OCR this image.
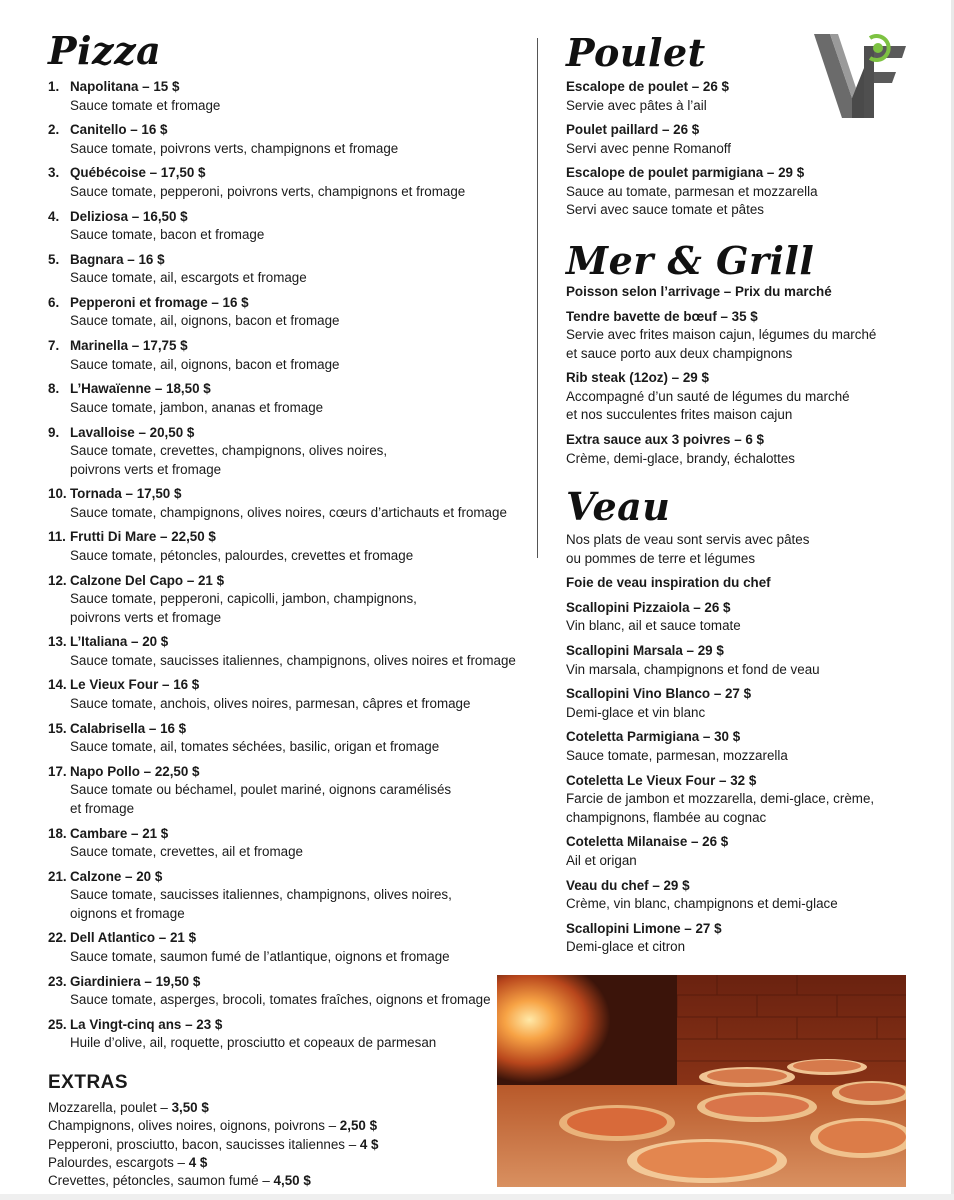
Pizza
1. Napolitana – 15 $
Sauce tomate et fromage
2. Canitello – 16 $
Sauce tomate, poivrons verts, champignons et fromage
3. Québécoise – 17,50 $
Sauce tomate, pepperoni, poivrons verts, champignons et fromage
4. Deliziosa – 16,50 $
Sauce tomate, bacon et fromage
5. Bagnara – 16 $
Sauce tomate, ail, escargots et fromage
6. Pepperoni et fromage – 16 $
Sauce tomate, ail, oignons, bacon et fromage
7. Marinella – 17,75 $
Sauce tomate, ail, oignons, bacon et fromage
8. L’Hawaïenne – 18,50 $
Sauce tomate, jambon, ananas et fromage
9. Lavalloise – 20,50 $
Sauce tomate, crevettes, champignons, olives noires,
poivrons verts et fromage
10. Tornada – 17,50 $
Sauce tomate, champignons, olives noires, cœurs d’artichauts et fromage
11. Frutti Di Mare – 22,50 $
Sauce tomate, pétoncles, palourdes, crevettes et fromage
12. Calzone Del Capo – 21 $
Sauce tomate, pepperoni, capicolli, jambon, champignons,
poivrons verts et fromage
13. L’Italiana – 20 $
Sauce tomate, saucisses italiennes, champignons, olives noires et fromage
14. Le Vieux Four – 16 $
Sauce tomate, anchois, olives noires, parmesan, câpres et fromage
15. Calabrisella – 16 $
Sauce tomate, ail, tomates séchées, basilic, origan et fromage
17. Napo Pollo – 22,50 $
Sauce tomate ou béchamel, poulet mariné, oignons caramélisés
et fromage
18. Cambare – 21 $
Sauce tomate, crevettes, ail et fromage
21. Calzone – 20 $
Sauce tomate, saucisses italiennes, champignons, olives noires,
oignons et fromage
22. Dell Atlantico – 21 $
Sauce tomate, saumon fumé de l’atlantique, oignons et fromage
23. Giardiniera – 19,50 $
Sauce tomate, asperges, brocoli, tomates fraîches, oignons et fromage
25. La Vingt-cinq ans – 23 $
Huile d’olive, ail, roquette, prosciutto et copeaux de parmesan
EXTRAS
Mozzarella, poulet – 3,50 $
Champignons, olives noires, oignons, poivrons – 2,50 $
Pepperoni, prosciutto, bacon, saucisses italiennes – 4 $
Palourdes, escargots – 4 $
Crevettes, pétoncles, saumon fumé – 4,50 $
Poulet
Escalope de poulet – 26 $
Servie avec pâtes à l’ail
Poulet paillard – 26 $
Servi avec penne Romanoff
Escalope de poulet parmigiana – 29 $
Sauce au tomate, parmesan et mozzarella
Servi avec sauce tomate et pâtes
Mer & Grill
Poisson selon l’arrivage – Prix du marché
Tendre bavette de bœuf – 35 $
Servie avec frites maison cajun, légumes du marché
et sauce porto aux deux champignons
Rib steak (12oz) – 29 $
Accompagné d’un sauté de légumes du marché
et nos succulentes frites maison cajun
Extra sauce aux 3 poivres – 6 $
Crème, demi-glace, brandy, échalottes
Veau
Nos plats de veau sont servis avec pâtes
ou pommes de terre et légumes
Foie de veau inspiration du chef
Scallopini Pizzaiola – 26 $
Vin blanc, ail et sauce tomate
Scallopini Marsala – 29 $
Vin marsala, champignons et fond de veau
Scallopini Vino Blanco – 27 $
Demi-glace et vin blanc
Coteletta Parmigiana – 30 $
Sauce tomate, parmesan, mozzarella
Coteletta Le Vieux Four – 32 $
Farcie de jambon et mozzarella, demi-glace, crème,
champignons, flambée au cognac
Coteletta Milanaise – 26 $
Ail et origan
Veau du chef – 29 $
Crème, vin blanc, champignons et demi-glace
Scallopini Limone – 27 $
Demi-glace et citron
